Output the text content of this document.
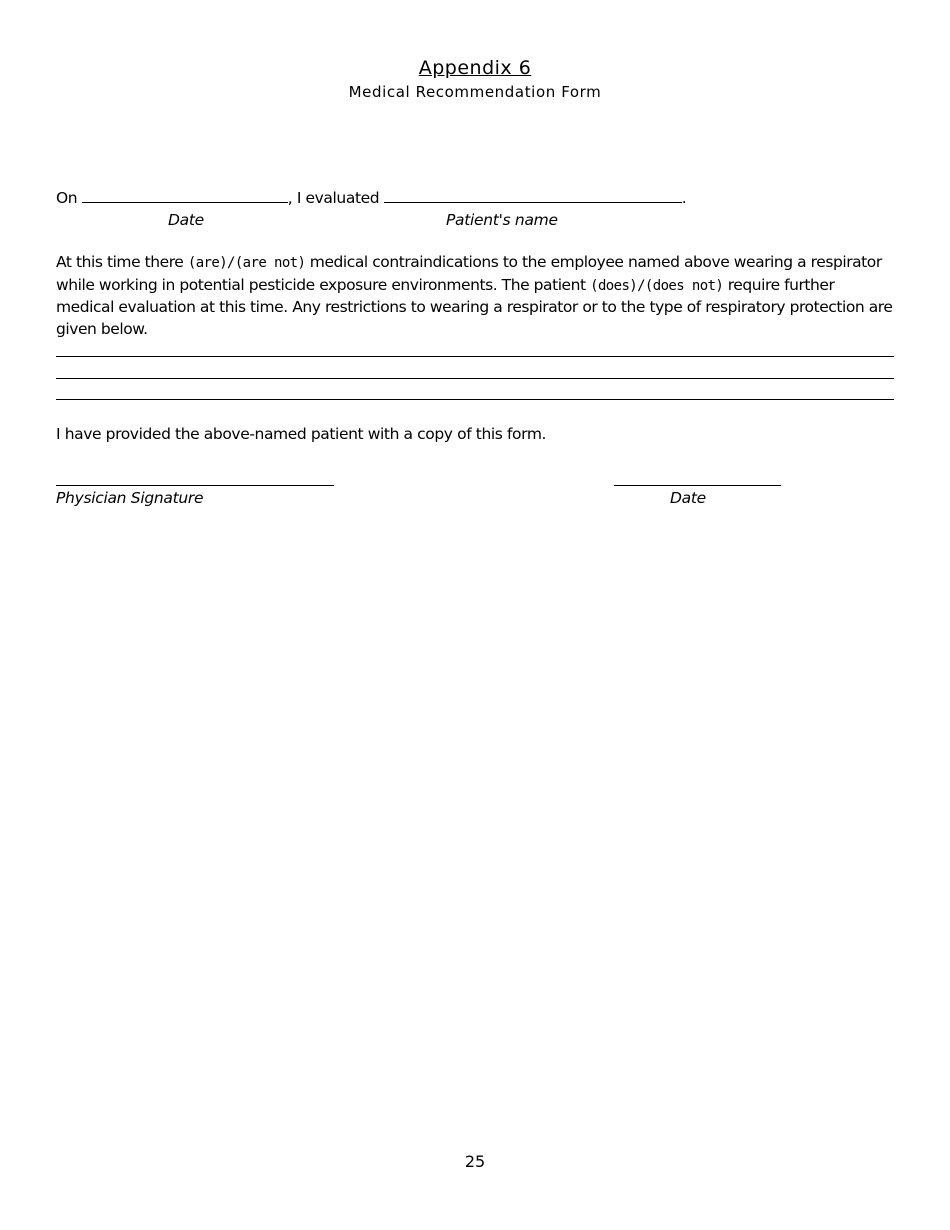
Appendix 6
Medical Recommendation Form
On	, I evaluated	.
Date	Patient's name
At this time there (are)/(are not) medical contraindications to the employee named above wearing a respirator while working in potential pesticide exposure environments. The patient (does)/(does not) require further medical evaluation at this time. Any restrictions to wearing a respirator or to the type of respiratory protection are given below.
I have provided the above-named patient with a copy of this form.
Physician Signature	Date
25
